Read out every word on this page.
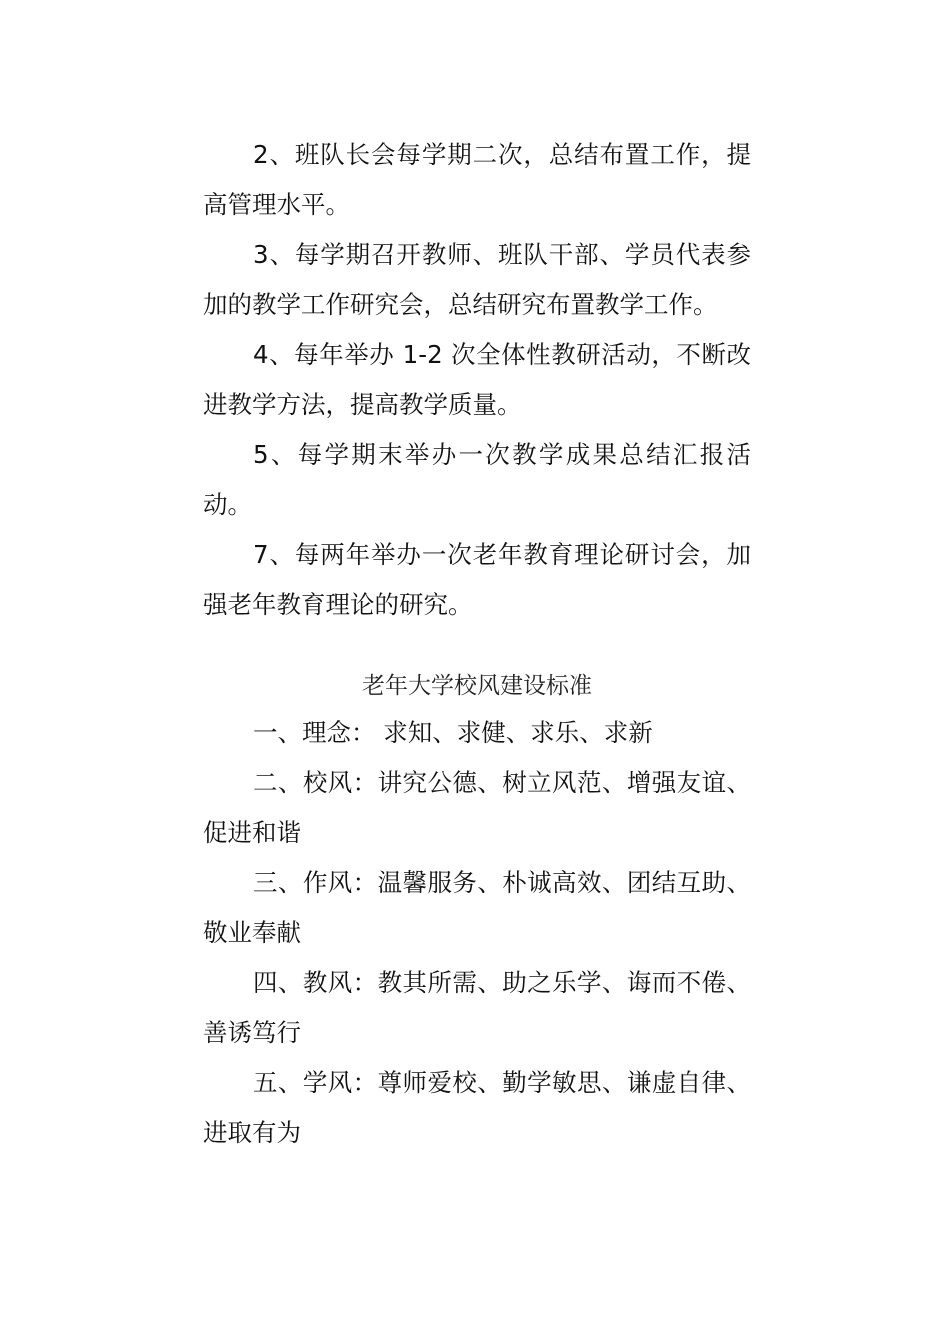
2、班队长会每学期二次，总结布置工作，提高管理水平。

3、每学期召开教师、班队干部、学员代表参加的教学工作研究会，总结研究布置教学工作。

4、每年举办 1-2 次全体性教研活动，不断改进教学方法，提高教学质量。

5、每学期末举办一次教学成果总结汇报活动。

7、每两年举办一次老年教育理论研讨会，加强老年教育理论的研究。

老年大学校风建设标准

一、理念： 求知、求健、求乐、求新

二、校风：讲究公德、树立风范、增强友谊、促进和谐

三、作风：温馨服务、朴诚高效、团结互助、敬业奉献

四、教风：教其所需、助之乐学、诲而不倦、善诱笃行

五、学风：尊师爱校、勤学敏思、谦虚自律、进取有为
